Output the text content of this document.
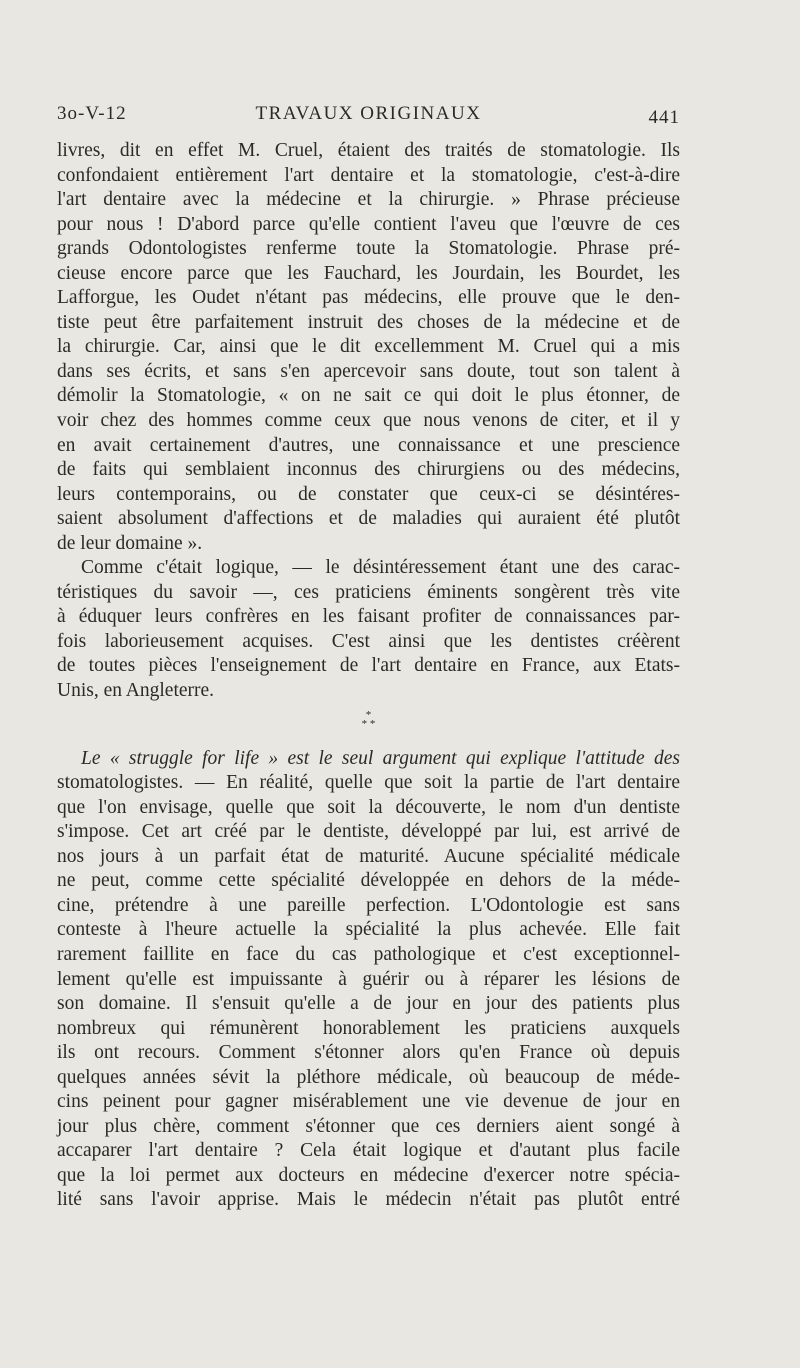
3o-V-12	TRAVAUX ORIGINAUX	441
livres, dit en effet M. Cruel, étaient des traités de stomatologie. Ils
confondaient entièrement l'art dentaire et la stomatologie, c'est-à-dire
l'art dentaire avec la médecine et la chirurgie. » Phrase précieuse
pour nous ! D'abord parce qu'elle contient l'aveu que l'œuvre de ces
grands Odontologistes renferme toute la Stomatologie. Phrase pré-
cieuse encore parce que les Fauchard, les Jourdain, les Bourdet, les
Lafforgue, les Oudet n'étant pas médecins, elle prouve que le den-
tiste peut être parfaitement instruit des choses de la médecine et de
la chirurgie. Car, ainsi que le dit excellemment M. Cruel qui a mis
dans ses écrits, et sans s'en apercevoir sans doute, tout son talent à
démolir la Stomatologie, « on ne sait ce qui doit le plus étonner, de
voir chez des hommes comme ceux que nous venons de citer, et il y
en avait certainement d'autres, une connaissance et une prescience
de faits qui semblaient inconnus des chirurgiens ou des médecins,
leurs contemporains, ou de constater que ceux-ci se désintéres-
saient absolument d'affections et de maladies qui auraient été plutôt
de leur domaine ».
Comme c'était logique, — le désintéressement étant une des carac-
téristiques du savoir —, ces praticiens éminents songèrent très vite
à éduquer leurs confrères en les faisant profiter de connaissances par-
fois laborieusement acquises. C'est ainsi que les dentistes créèrent
de toutes pièces l'enseignement de l'art dentaire en France, aux Etats-
Unis, en Angleterre.
*
* *
Le « struggle for life » est le seul argument qui explique l'attitude des
stomatologistes. — En réalité, quelle que soit la partie de l'art dentaire
que l'on envisage, quelle que soit la découverte, le nom d'un dentiste
s'impose. Cet art créé par le dentiste, développé par lui, est arrivé de
nos jours à un parfait état de maturité. Aucune spécialité médicale
ne peut, comme cette spécialité développée en dehors de la méde-
cine, prétendre à une pareille perfection. L'Odontologie est sans
conteste à l'heure actuelle la spécialité la plus achevée. Elle fait
rarement faillite en face du cas pathologique et c'est exceptionnel-
lement qu'elle est impuissante à guérir ou à réparer les lésions de
son domaine. Il s'ensuit qu'elle a de jour en jour des patients plus
nombreux qui rémunèrent honorablement les praticiens auxquels
ils ont recours. Comment s'étonner alors qu'en France où depuis
quelques années sévit la pléthore médicale, où beaucoup de méde-
cins peinent pour gagner misérablement une vie devenue de jour en
jour plus chère, comment s'étonner que ces derniers aient songé à
accaparer l'art dentaire ? Cela était logique et d'autant plus facile
que la loi permet aux docteurs en médecine d'exercer notre spécia-
lité sans l'avoir apprise. Mais le médecin n'était pas plutôt entré
